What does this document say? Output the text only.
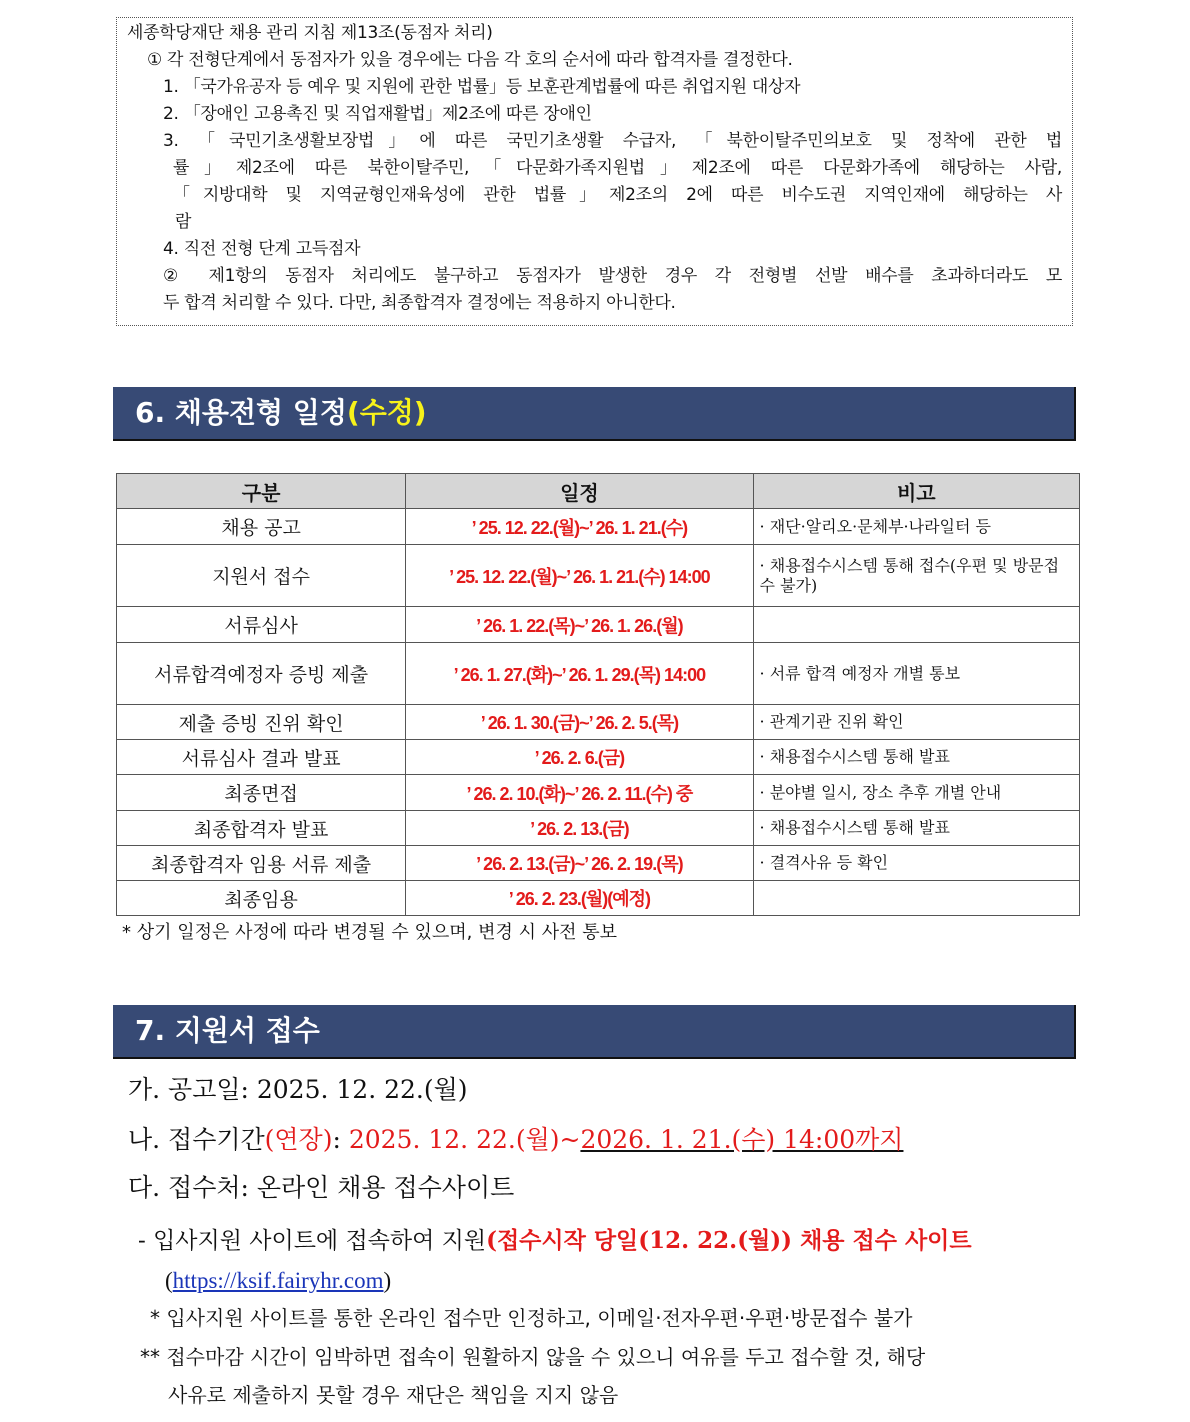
세종학당재단 채용 관리 지침 제13조(동점자 처리)
① 각 전형단계에서 동점자가 있을 경우에는 다음 각 호의 순서에 따라 합격자를 결정한다.
1. 「국가유공자 등 예우 및 지원에 관한 법률」등 보훈관계법률에 따른 취업지원 대상자
2. 「장애인 고용촉진 및 직업재활법」제2조에 따른 장애인
3. 「국민기초생활보장법」에 따른 국민기초생활 수급자, 「북한이탈주민의보호 및 정착에 관한 법
률」제2조에 따른 북한이탈주민,「다문화가족지원법」제2조에 따른 다문화가족에 해당하는 사람,
「지방대학 및 지역균형인재육성에 관한 법률」제2조의 2에 따른 비수도권 지역인재에 해당하는 사
람
4. 직전 전형 단계 고득점자
② 제1항의 동점자 처리에도 불구하고 동점자가 발생한 경우 각 전형별 선발 배수를 초과하더라도 모
두 합격 처리할 수 있다. 다만, 최종합격자 결정에는 적용하지 아니한다.
6. 채용전형 일정(수정)
구분	일정	비고
채용 공고	’ 25. 12. 22.(월)~’ 26. 1. 21.(수)	· 재단·알리오·문체부·나라일터 등
지원서 접수	’ 25. 12. 22.(월)~’ 26. 1. 21.(수) 14:00	· 채용접수시스템 통해 접수(우편 및 방문접수 불가)
서류심사	’ 26. 1. 22.(목)~’ 26. 1. 26.(월)	
서류합격예정자 증빙 제출	’ 26. 1. 27.(화)~’ 26. 1. 29.(목) 14:00	· 서류 합격 예정자 개별 통보
제출 증빙 진위 확인	’ 26. 1. 30.(금)~’ 26. 2. 5.(목)	· 관계기관 진위 확인
서류심사 결과 발표	’ 26. 2. 6.(금)	· 채용접수시스템 통해 발표
최종면접	’ 26. 2. 10.(화)~’ 26. 2. 11.(수) 중	· 분야별 일시, 장소 추후 개별 안내
최종합격자 발표	’ 26. 2. 13.(금)	· 채용접수시스템 통해 발표
최종합격자 임용 서류 제출	’ 26. 2. 13.(금)~’ 26. 2. 19.(목)	· 결격사유 등 확인
최종임용	’ 26. 2. 23.(월)(예정)	
* 상기 일정은 사정에 따라 변경될 수 있으며, 변경 시 사전 통보
7. 지원서 접수
가. 공고일: 2025. 12. 22.(월)
나. 접수기간(연장): 2025. 12. 22.(월)~2026. 1. 21.(수) 14:00까지
다. 접수처: 온라인 채용 접수사이트
- 입사지원 사이트에 접속하여 지원(접수시작 당일(12. 22.(월)) 채용 접수 사이트
(https://ksif.fairyhr.com)
* 입사지원 사이트를 통한 온라인 접수만 인정하고, 이메일·전자우편·우편·방문접수 불가
** 접수마감 시간이 임박하면 접속이 원활하지 않을 수 있으니 여유를 두고 접수할 것, 해당
사유로 제출하지 못할 경우 재단은 책임을 지지 않음
